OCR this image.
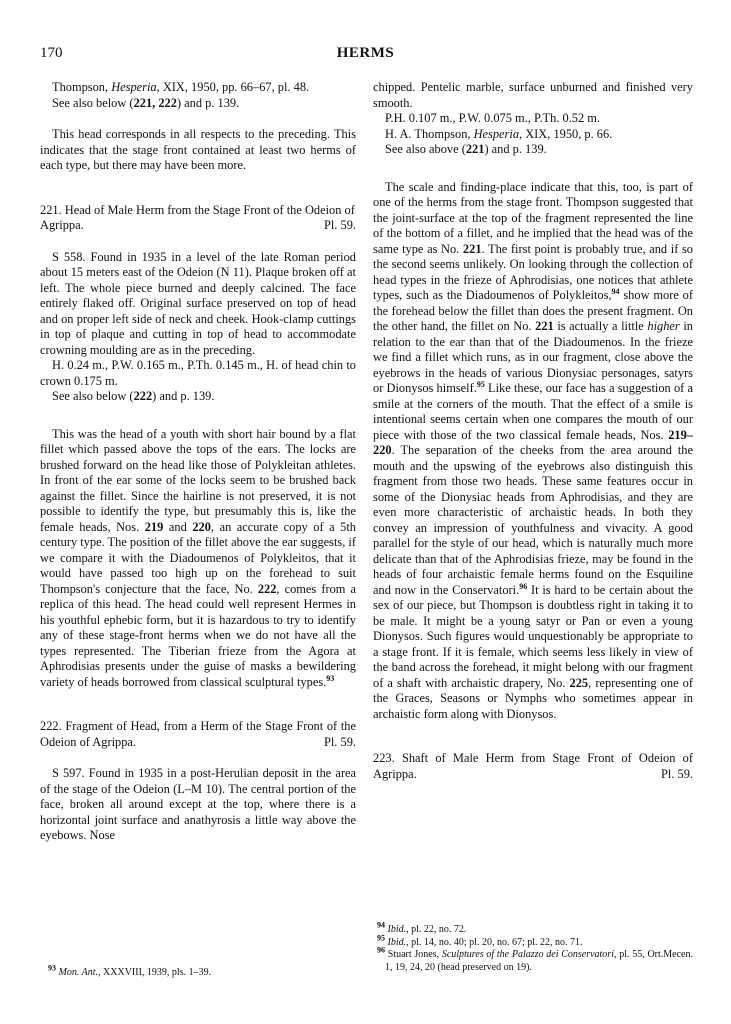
170	HERMS

Thompson, Hesperia, XIX, 1950, pp. 66–67, pl. 48.

See also below (221, 222) and p. 139.

This head corresponds in all respects to the preceding. This indicates that the stage front contained at least two herms of each type, but there may have been more.

221. Head of Male Herm from the Stage Front of the Odeion of Agrippa.	Pl. 59.

S 558. Found in 1935 in a level of the late Roman period about 15 meters east of the Odeion (N 11). Plaque broken off at left. The whole piece burned and deeply calcined. The face entirely flaked off. Original surface preserved on top of head and on proper left side of neck and cheek. Hook-clamp cuttings in top of plaque and cutting in top of head to accommodate crowning moulding are as in the preceding.

H. 0.24 m., P.W. 0.165 m., P.Th. 0.145 m., H. of head chin to crown 0.175 m.

See also below (222) and p. 139.

This was the head of a youth with short hair bound by a flat fillet which passed above the tops of the ears. The locks are brushed forward on the head like those of Polykleitan athletes. In front of the ear some of the locks seem to be brushed back against the fillet. Since the hairline is not preserved, it is not possible to identify the type, but presumably this is, like the female heads, Nos. 219 and 220, an accurate copy of a 5th century type. The position of the fillet above the ear suggests, if we compare it with the Diadoumenos of Polykleitos, that it would have passed too high up on the forehead to suit Thompson's conjecture that the face, No. 222, comes from a replica of this head. The head could well represent Hermes in his youthful ephebic form, but it is hazardous to try to identify any of these stage-front herms when we do not have all the types represented. The Tiberian frieze from the Agora at Aphrodisias presents under the guise of masks a bewildering variety of heads borrowed from classical sculptural types.$^{93}$

222. Fragment of Head, from a Herm of the Stage Front of the Odeion of Agrippa.	Pl. 59.

S 597. Found in 1935 in a post-Herulian deposit in the area of the stage of the Odeion (L–M 10). The central portion of the face, broken all around except at the top, where there is a horizontal joint surface and anathyrosis a little way above the eyebows. Nose

$^{93}$ Mon. Ant., XXXVIII, 1939, pls. 1–39.

chipped. Pentelic marble, surface unburned and finished very smooth.

P.H. 0.107 m., P.W. 0.075 m., P.Th. 0.52 m.

H. A. Thompson, Hesperia, XIX, 1950, p. 66.

See also above (221) and p. 139.

The scale and finding-place indicate that this, too, is part of one of the herms from the stage front. Thompson suggested that the joint-surface at the top of the fragment represented the line of the bottom of a fillet, and he implied that the head was of the same type as No. 221. The first point is probably true, and if so the second seems unlikely. On looking through the collection of head types in the frieze of Aphrodisias, one notices that athlete types, such as the Diadoumenos of Polykleitos,$^{94}$ show more of the forehead below the fillet than does the present fragment. On the other hand, the fillet on No. 221 is actually a little higher in relation to the ear than that of the Diadoumenos. In the frieze we find a fillet which runs, as in our fragment, close above the eyebrows in the heads of various Dionysiac personages, satyrs or Dionysos himself.$^{95}$ Like these, our face has a suggestion of a smile at the corners of the mouth. That the effect of a smile is intentional seems certain when one compares the mouth of our piece with those of the two classical female heads, Nos. 219–220. The separation of the cheeks from the area around the mouth and the upswing of the eyebrows also distinguish this fragment from those two heads. These same features occur in some of the Dionysiac heads from Aphrodisias, and they are even more characteristic of archaistic heads. In both they convey an impression of youthfulness and vivacity. A good parallel for the style of our head, which is naturally much more delicate than that of the Aphrodisias frieze, may be found in the heads of four archaistic female herms found on the Esquiline and now in the Conservatori.$^{96}$ It is hard to be certain about the sex of our piece, but Thompson is doubtless right in taking it to be male. It might be a young satyr or Pan or even a young Dionysos. Such figures would unquestionably be appropriate to a stage front. If it is female, which seems less likely in view of the band across the forehead, it might belong with our fragment of a shaft with archaistic drapery, No. 225, representing one of the Graces, Seasons or Nymphs who sometimes appear in archaistic form along with Dionysos.

223. Shaft of Male Herm from Stage Front of Odeion of Agrippa.	Pl. 59.

$^{94}$ Ibid., pl. 22, no. 72.

$^{95}$ Ibid., pl. 14, no. 40; pl. 20, no. 67; pl. 22, no. 71.

$^{96}$ Stuart Jones, Sculptures of the Palazzo dei Conservatori, pl. 55, Ort.Mecen. 1, 19, 24, 20 (head preserved on 19).
